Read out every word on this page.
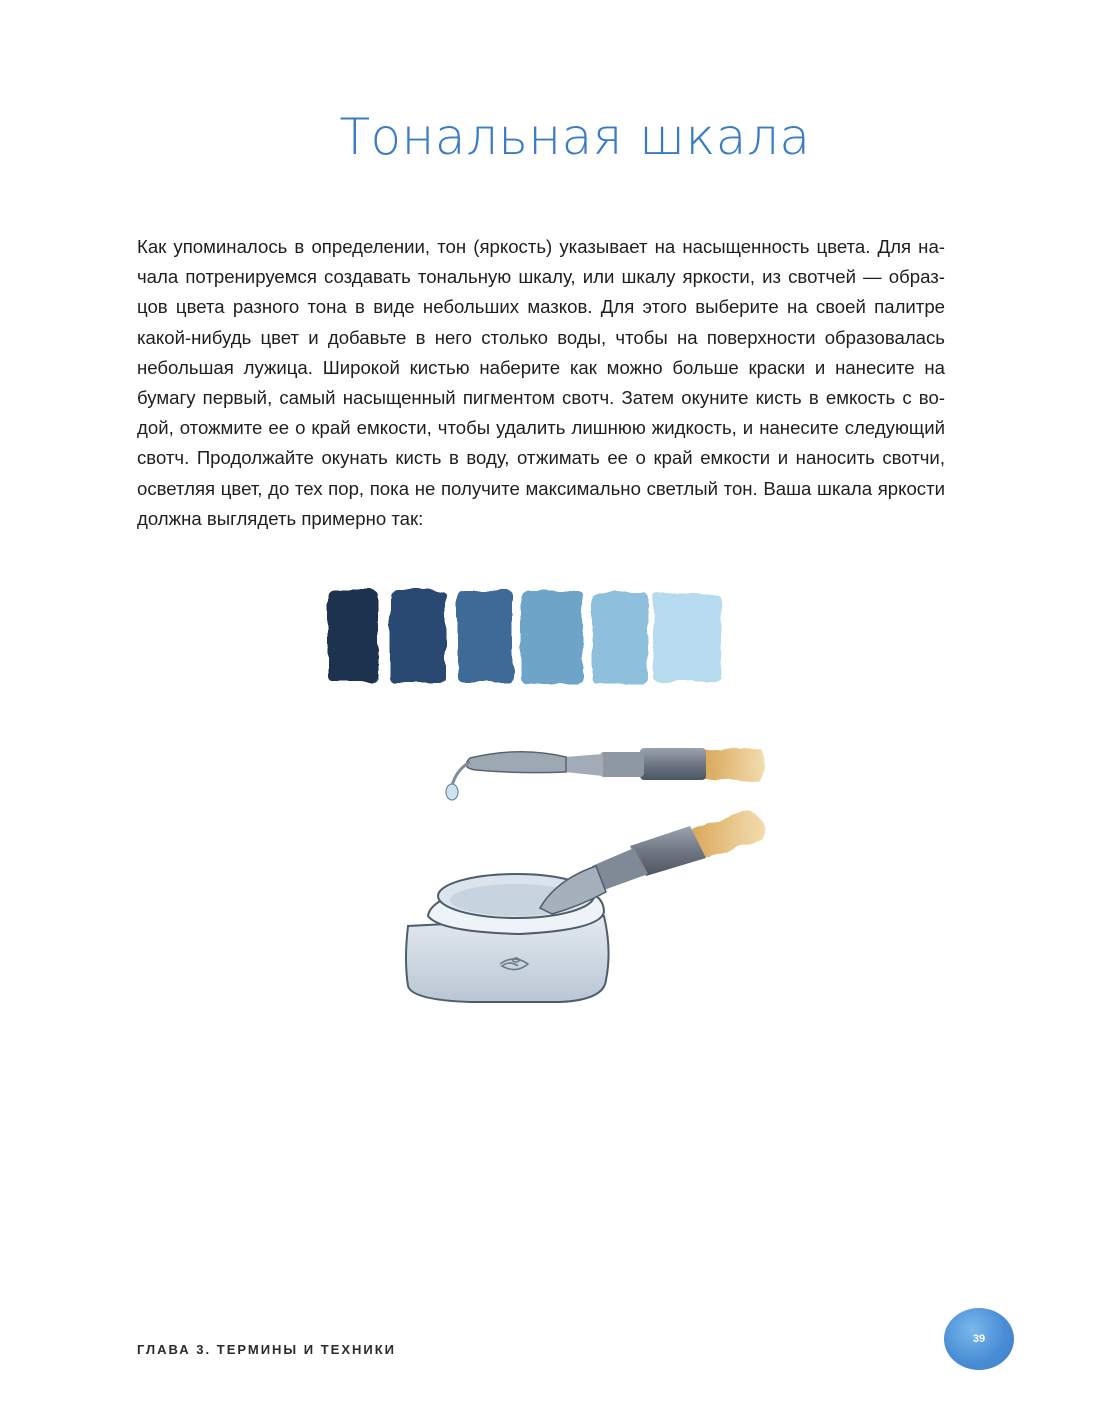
Тональная шкала

Как упоминалось в определении, тон (яркость) указывает на насыщенность цвета. Для на-
чала потренируемся создавать тональную шкалу, или шкалу яркости, из свотчей — образ-
цов цвета разного тона в виде небольших мазков. Для этого выберите на своей палитре
какой-нибудь цвет и добавьте в него столько воды, чтобы на поверхности образовалась
небольшая лужица. Широкой кистью наберите как можно больше краски и нанесите на
бумагу первый, самый насыщенный пигментом свотч. Затем окуните кисть в емкость с во-
дой, отожмите ее о край емкости, чтобы удалить лишнюю жидкость, и нанесите следующий
свотч. Продолжайте окунать кисть в воду, отжимать ее о край емкости и наносить свотчи,
осветляя цвет, до тех пор, пока не получите максимально светлый тон. Ваша шкала яркости
должна выглядеть примерно так:

ГЛАВА 3. ТЕРМИНЫ И ТЕХНИКИ
39
